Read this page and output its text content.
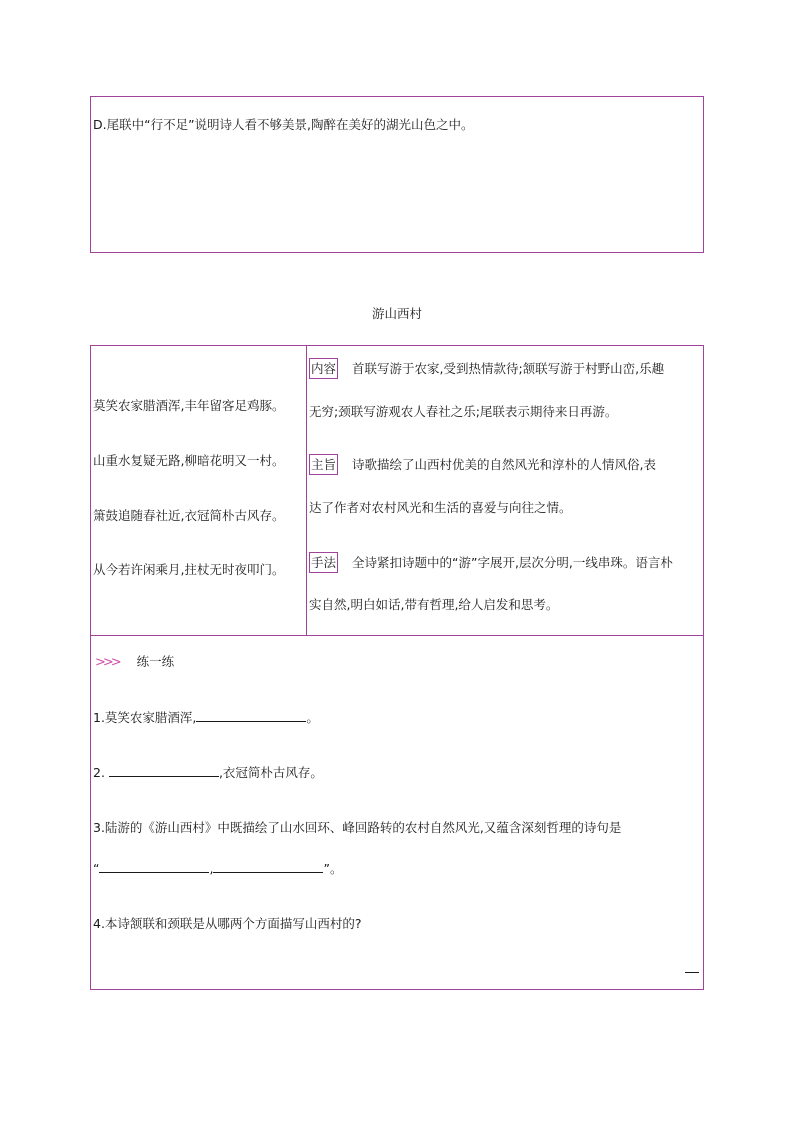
D.尾联中“行不足”说明诗人看不够美景,陶醉在美好的湖光山色之中。
游山西村
莫笑农家腊酒浑,丰年留客足鸡豚。
山重水复疑无路,柳暗花明又一村。
箫鼓追随春社近,衣冠简朴古风存。
从今若许闲乘月,拄杖无时夜叩门。
内容 首联写游于农家,受到热情款待;颔联写游于村野山峦,乐趣
无穷;颈联写游观农人春社之乐;尾联表示期待来日再游。
主旨 诗歌描绘了山西村优美的自然风光和淳朴的人情风俗,表
达了作者对农村风光和生活的喜爱与向往之情。
手法 全诗紧扣诗题中的“游”字展开,层次分明,一线串珠。语言朴
实自然,明白如话,带有哲理,给人启发和思考。
>>> 练一练
1.莫笑农家腊酒浑,	。
2.	,衣冠简朴古风存。
3.陆游的《游山西村》中既描绘了山水回环、峰回路转的农村自然风光,又蕴含深刻哲理的诗句是
“	,	”。
4.本诗颔联和颈联是从哪两个方面描写山西村的?
